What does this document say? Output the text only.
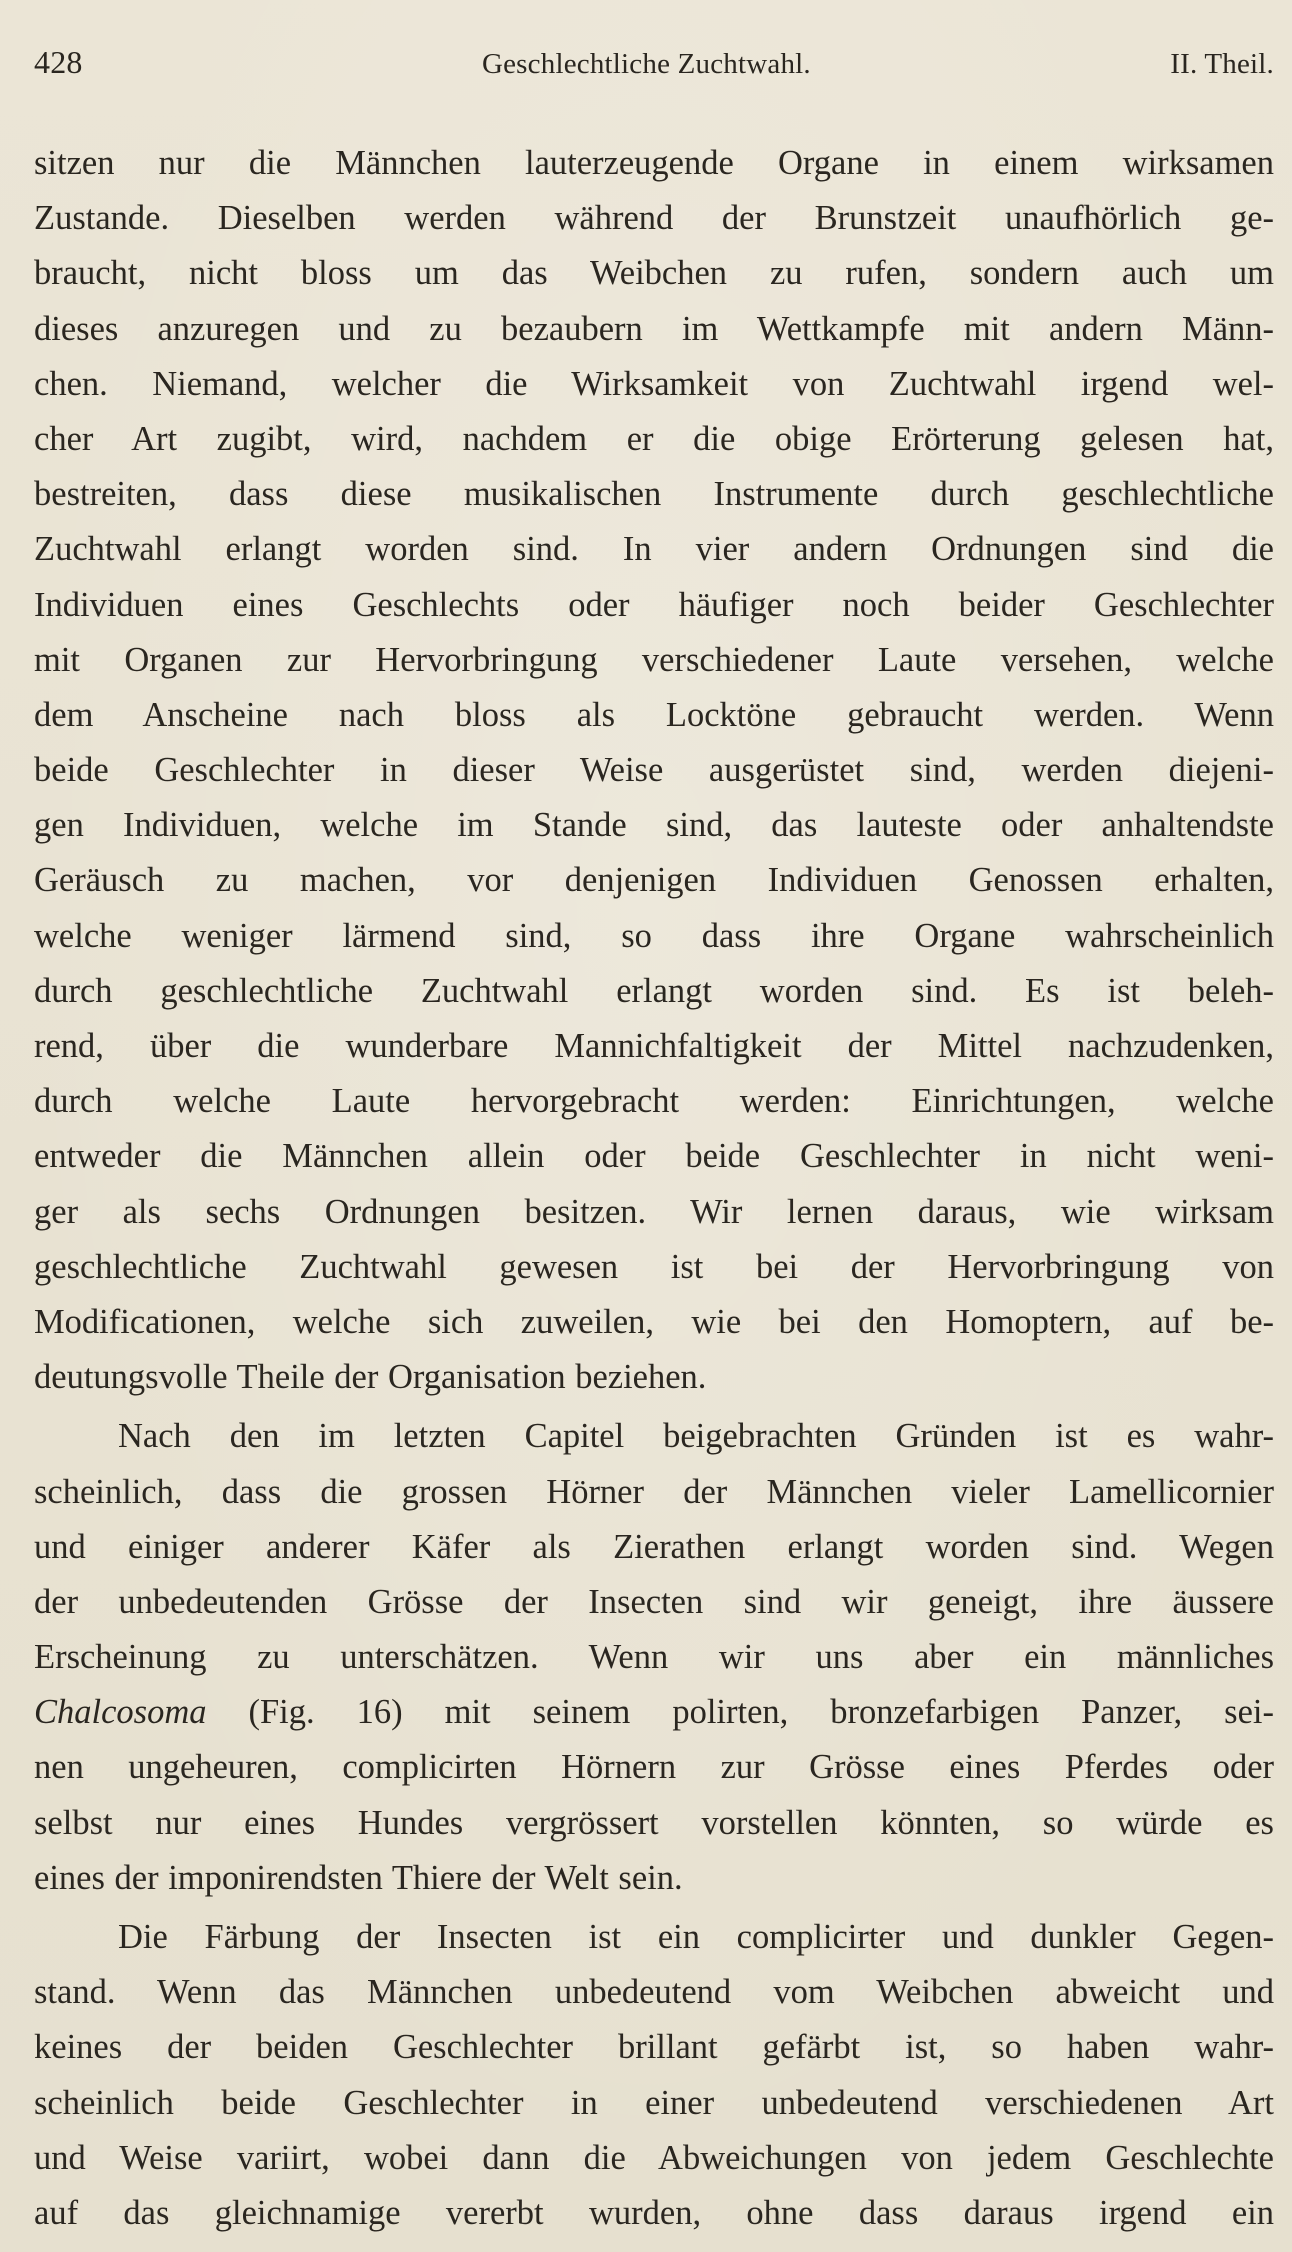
428	Geschlechtliche Zuchtwahl.	II. Theil.

sitzen nur die Männchen lauterzeugende Organe in einem wirksamen
Zustande. Dieselben werden während der Brunstzeit unaufhörlich ge-
braucht, nicht bloss um das Weibchen zu rufen, sondern auch um
dieses anzuregen und zu bezaubern im Wettkampfe mit andern Männ-
chen. Niemand, welcher die Wirksamkeit von Zuchtwahl irgend wel-
cher Art zugibt, wird, nachdem er die obige Erörterung gelesen hat,
bestreiten, dass diese musikalischen Instrumente durch geschlechtliche
Zuchtwahl erlangt worden sind. In vier andern Ordnungen sind die
Individuen eines Geschlechts oder häufiger noch beider Geschlechter
mit Organen zur Hervorbringung verschiedener Laute versehen, welche
dem Anscheine nach bloss als Locktöne gebraucht werden. Wenn
beide Geschlechter in dieser Weise ausgerüstet sind, werden diejeni-
gen Individuen, welche im Stande sind, das lauteste oder anhaltendste
Geräusch zu machen, vor denjenigen Individuen Genossen erhalten,
welche weniger lärmend sind, so dass ihre Organe wahrscheinlich
durch geschlechtliche Zuchtwahl erlangt worden sind. Es ist beleh-
rend, über die wunderbare Mannichfaltigkeit der Mittel nachzudenken,
durch welche Laute hervorgebracht werden: Einrichtungen, welche
entweder die Männchen allein oder beide Geschlechter in nicht weni-
ger als sechs Ordnungen besitzen. Wir lernen daraus, wie wirksam
geschlechtliche Zuchtwahl gewesen ist bei der Hervorbringung von
Modificationen, welche sich zuweilen, wie bei den Homoptern, auf be-
deutungsvolle Theile der Organisation beziehen.

Nach den im letzten Capitel beigebrachten Gründen ist es wahr-
scheinlich, dass die grossen Hörner der Männchen vieler Lamellicornier
und einiger anderer Käfer als Zierathen erlangt worden sind. Wegen
der unbedeutenden Grösse der Insecten sind wir geneigt, ihre äussere
Erscheinung zu unterschätzen. Wenn wir uns aber ein männliches
Chalcosoma (Fig. 16) mit seinem polirten, bronzefarbigen Panzer, sei-
nen ungeheuren, complicirten Hörnern zur Grösse eines Pferdes oder
selbst nur eines Hundes vergrössert vorstellen könnten, so würde es
eines der imponirendsten Thiere der Welt sein.

Die Färbung der Insecten ist ein complicirter und dunkler Gegen-
stand. Wenn das Männchen unbedeutend vom Weibchen abweicht und
keines der beiden Geschlechter brillant gefärbt ist, so haben wahr-
scheinlich beide Geschlechter in einer unbedeutend verschiedenen Art
und Weise variirt, wobei dann die Abweichungen von jedem Geschlechte
auf das gleichnamige vererbt wurden, ohne dass daraus irgend ein
